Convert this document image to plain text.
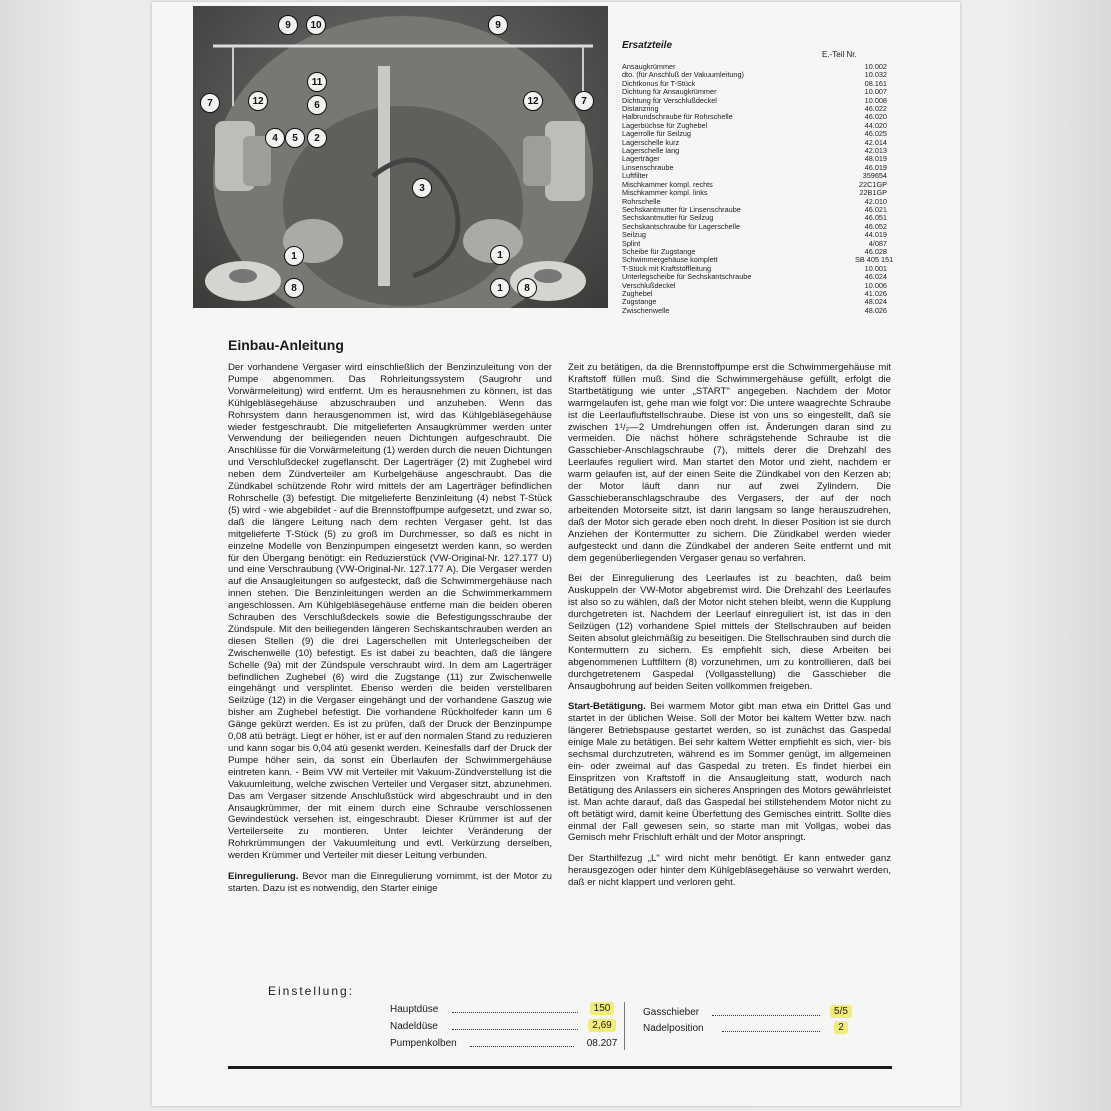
9	10	9
11
6
7	12
4	5	2
3
1	1
8
12	7
1	8
Ersatzteile
E.-Teil Nr.
Ansaugkrümmer	10.002
dto. (für Anschluß der Vakuumleitung)	10.032
Dichtkonus für T-Stück	08.161
Dichtung für Ansaugkrümmer	10.007
Dichtung für Verschlußdeckel	10.008
Distanzring	46.022
Halbrundschraube für Rohrschelle	46.020
Lagerbüchse für Zughebel	44.020
Lagerrolle für Seilzug	46.025
Lagerschelle kurz	42.014
Lagerschelle lang	42.013
Lagerträger	48.019
Linsenschraube	46.019
Luftfilter	359654
Mischkammer kompl. rechts	22C1GP
Mischkammer kompl. links	22B1GP
Rohrschelle	42.010
Sechskantmutter für Linsenschraube	46.021
Sechskantmutter für Seilzug	46.051
Sechskantschraube für Lagerschelle	46.052
Seilzug	44.019
Splint	4/087
Scheibe für Zugstange	46.028
Schwimmergehäuse komplett	SB 405 151
T-Stück mit Kraftstoffleitung	10.001
Unterlegscheibe für Sechskantschraube	46.024
Verschlußdeckel	10.006
Zughebel	41.026
Zugstange	48.024
Zwischenwelle	48.026
Einbau-Anleitung

Der vorhandene Vergaser wird einschließlich der Benzinzuleitung von der Pumpe abgenommen. Das Rohrleitungssystem (Saugrohr und Vorwärmeleitung) wird entfernt. Um es herausnehmen zu können, ist das Kühlgebläsegehäuse abzuschrauben und anzuheben. Wenn das Rohrsystem dann herausgenommen ist, wird das Kühlgebläsegehäuse wieder festgeschraubt. Die mitgelieferten Ansaugkrümmer werden unter Verwendung der beiliegenden neuen Dichtungen aufgeschraubt. Die Anschlüsse für die Vorwärmeleitung (1) werden durch die neuen Dichtungen und Verschlußdeckel zugeflanscht. Der Lagerträger (2) mit Zughebel wird neben dem Zündverteiler am Kurbelgehäuse angeschraubt. Das die Zündkabel schützende Rohr wird mittels der am Lagerträger befindlichen Rohrschelle (3) befestigt. Die mitgelieferte Benzinleitung (4) nebst T-Stück (5) wird - wie abgebildet - auf die Brennstoffpumpe aufgesetzt, und zwar so, daß die längere Leitung nach dem rechten Vergaser geht. Ist das mitgelieferte T-Stück (5) zu groß im Durchmesser, so daß es nicht in einzelne Modelle von Benzinpumpen eingesetzt werden kann, so werden für den Übergang benötigt: ein Reduzierstück (VW-Original-Nr. 127.177 U) und eine Verschraubung (VW-Original-Nr. 127.177 A). Die Vergaser werden auf die Ansaugleitungen so aufgesteckt, daß die Schwimmergehäuse nach innen stehen. Die Benzinleitungen werden an die Schwimmerkammern angeschlossen. Am Kühlgebläsegehäuse entferne man die beiden oberen Schrauben des Verschlußdeckels sowie die Befestigungsschraube der Zündspule. Mit den beiliegenden längeren Sechskantschrauben werden an diesen Stellen (9) die drei Lagerschellen mit Unterlegscheiben der Zwischenwelle (10) befestigt. Es ist dabei zu beachten, daß die längere Schelle (9a) mit der Zündspule verschraubt wird. In dem am Lagerträger befindlichen Zughebel (6) wird die Zugstange (11) zur Zwischenwelle eingehängt und versplintet. Ebenso werden die beiden verstellbaren Seilzüge (12) in die Vergaser eingehängt und der vorhandene Gaszug wie bisher am Zughebel befestigt. Die vorhandene Rückholfeder kann um 6 Gänge gekürzt werden. Es ist zu prüfen, daß der Druck der Benzinpumpe 0,08 atü beträgt. Liegt er höher, ist er auf den normalen Stand zu reduzieren und kann sogar bis 0,04 atü gesenkt werden. Keinesfalls darf der Druck der Pumpe höher sein, da sonst ein Überlaufen der Schwimmergehäuse eintreten kann. - Beim VW mit Verteiler mit Vakuum-Zündverstellung ist die Vakuumleitung, welche zwischen Verteiler und Vergaser sitzt, abzunehmen. Das am Vergaser sitzende Anschlußstück wird abgeschraubt und in den Ansaugkrümmer, der mit einem durch eine Schraube verschlossenen Gewindestück versehen ist, eingeschraubt. Dieser Krümmer ist auf der Verteilerseite zu montieren. Unter leichter Veränderung der Rohrkrümmungen der Vakuumleitung und evtl. Verkürzung derselben, werden Krümmer und Verteiler mit dieser Leitung verbunden.

Einregulierung. Bevor man die Einregulierung vornimmt, ist der Motor zu starten. Dazu ist es notwendig, den Starter einige

Zeit zu betätigen, da die Brennstoffpumpe erst die Schwimmergehäuse mit Kraftstoff füllen muß. Sind die Schwimmergehäuse gefüllt, erfolgt die Startbetätigung wie unter „START" angegeben. Nachdem der Motor warmgelaufen ist, gehe man wie folgt vor: Die untere waagrechte Schraube ist die Leerlaufluftstellschraube. Diese ist von uns so eingestellt, daß sie zwischen 1¹/₂—2 Umdrehungen offen ist. Änderungen daran sind zu vermeiden. Die nächst höhere schrägstehende Schraube ist die Gasschieber-Anschlagschraube (7), mittels derer die Drehzahl des Leerlaufes reguliert wird. Man startet den Motor und zieht, nachdem er warm gelaufen ist, auf der einen Seite die Zündkabel von den Kerzen ab; der Motor läuft dann nur auf zwei Zylindern. Die Gasschieberanschlagschraube des Vergasers, der auf der noch arbeitenden Motorseite sitzt, ist dann langsam so lange herauszudrehen, daß der Motor sich gerade eben noch dreht. In dieser Position ist sie durch Anziehen der Kontermutter zu sichern. Die Zündkabel werden wieder aufgesteckt und dann die Zündkabel der anderen Seite entfernt und mit dem gegenüberliegenden Vergaser genau so verfahren.

Bei der Einregulierung des Leerlaufes ist zu beachten, daß beim Auskuppeln der VW-Motor abgebremst wird. Die Drehzahl des Leerlaufes ist also so zu wählen, daß der Motor nicht stehen bleibt, wenn die Kupplung durchgetreten ist. Nachdem der Leerlauf einreguliert ist, ist das in den Seilzügen (12) vorhandene Spiel mittels der Stellschrauben auf beiden Seiten absolut gleichmäßig zu beseitigen. Die Stellschrauben sind durch die Kontermuttern zu sichern. Es empfiehlt sich, diese Arbeiten bei abgenommenen Luftfiltern (8) vorzunehmen, um zu kontrollieren, daß bei durchgetretenem Gaspedal (Vollgasstellung) die Gasschieber die Ansaugbohrung auf beiden Seiten vollkommen freigeben.

Start-Betätigung. Bei warmem Motor gibt man etwa ein Drittel Gas und startet in der üblichen Weise. Soll der Motor bei kaltem Wetter bzw. nach längerer Betriebspause gestartet werden, so ist zunächst das Gaspedal einige Male zu betätigen. Bei sehr kaltem Wetter empfiehlt es sich, vier- bis sechsmal durchzutreten, während es im Sommer genügt, im allgemeinen ein- oder zweimal auf das Gaspedal zu treten. Es findet hierbei ein Einspritzen von Kraftstoff in die Ansaugleitung statt, wodurch nach Betätigung des Anlassers ein sicheres Anspringen des Motors gewährleistet ist. Man achte darauf, daß das Gaspedal bei stillstehendem Motor nicht zu oft betätigt wird, damit keine Überfettung des Gemisches eintritt. Sollte dies einmal der Fall gewesen sein, so starte man mit Vollgas, wobei das Gemisch mehr Frischluft erhält und der Motor anspringt.

Der Starthilfezug „L" wird nicht mehr benötigt. Er kann entweder ganz herausgezogen oder hinter dem Kühlgebläsegehäuse so verwahrt werden, daß er nicht klappert und verloren geht.

Einstellung:
Hauptdüse	150
Nadeldüse	2,69
Pumpenkolben	08.207
Gasschieber	5/5
Nadelposition	2
